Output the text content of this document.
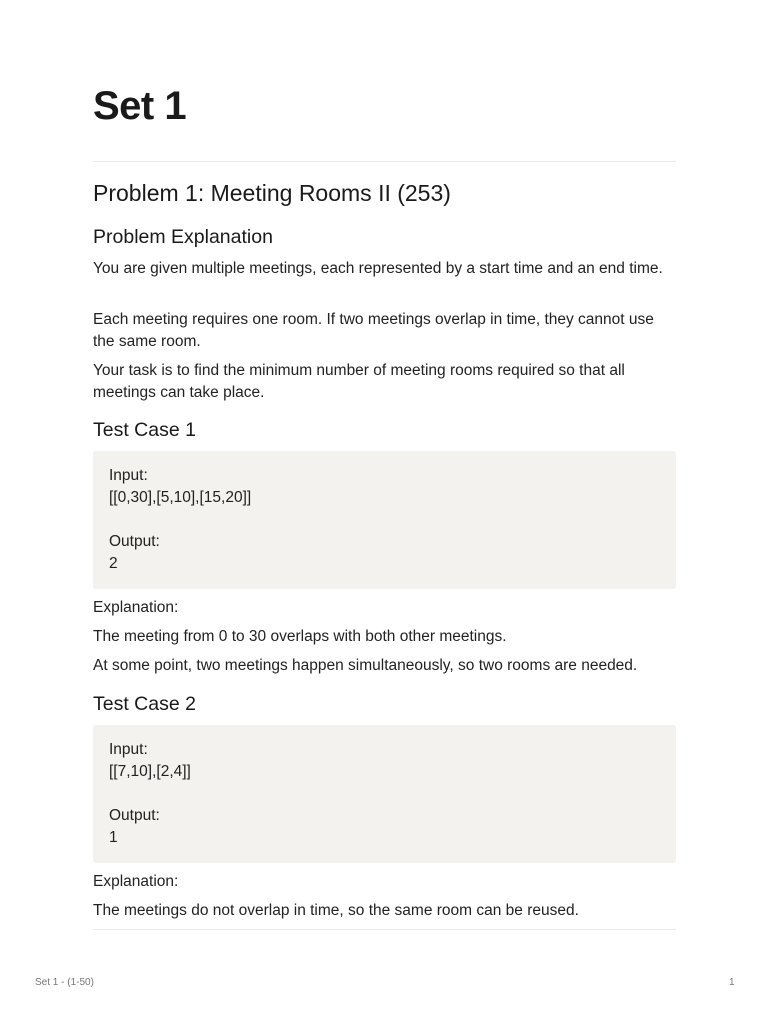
Set 1
Problem 1: Meeting Rooms II (253)
Problem Explanation

You are given multiple meetings, each represented by a start time and an end time.

Each meeting requires one room. If two meetings overlap in time, they cannot use the same room.

Your task is to find the minimum number of meeting rooms required so that all meetings can take place.

Test Case 1
Input:
[[0,30],[5,10],[15,20]]
Output:
2

Explanation:

The meeting from 0 to 30 overlaps with both other meetings.

At some point, two meetings happen simultaneously, so two rooms are needed.

Test Case 2
Input:
[[7,10],[2,4]]
Output:
1

Explanation:

The meetings do not overlap in time, so the same room can be reused.

Set 1 - (1-50)	1
